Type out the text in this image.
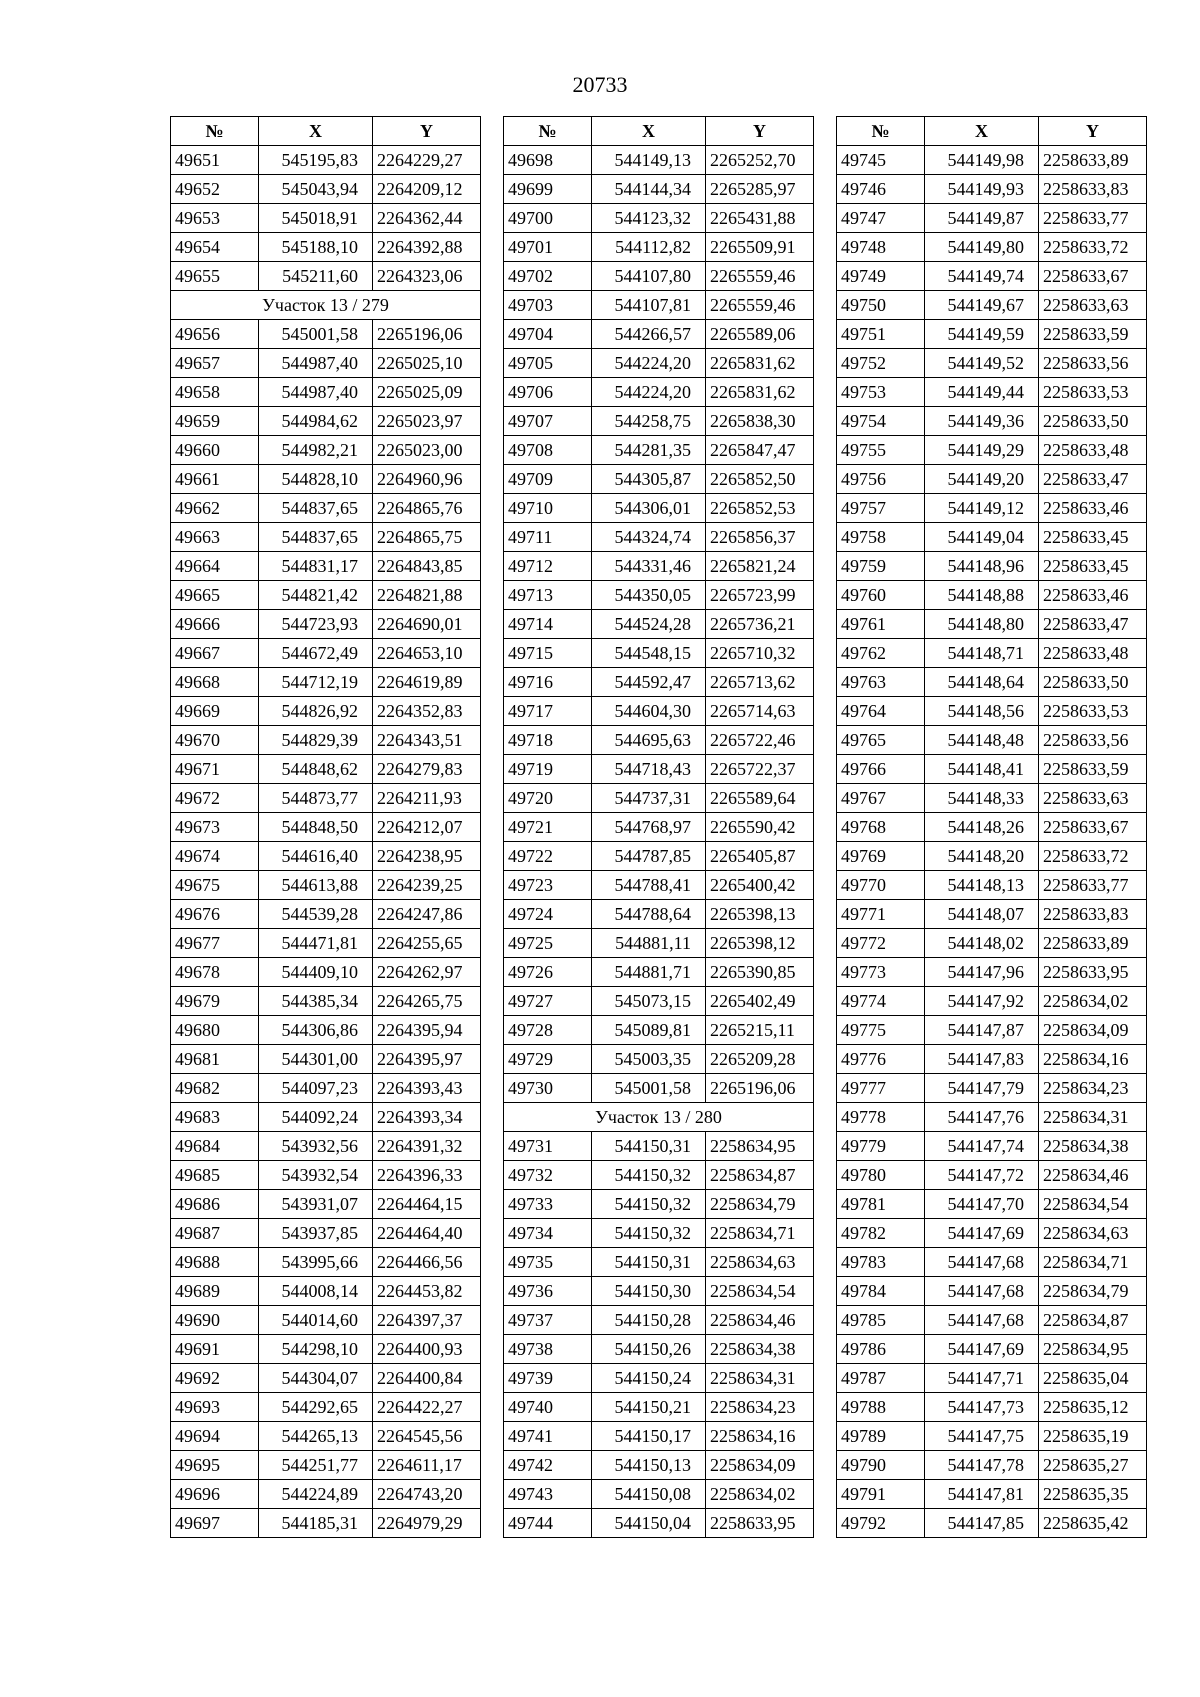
20733
№	X	Y
49651	545195,83	2264229,27
49652	545043,94	2264209,12
49653	545018,91	2264362,44
49654	545188,10	2264392,88
49655	545211,60	2264323,06
Участок 13 / 279		
49656	545001,58	2265196,06
49657	544987,40	2265025,10
49658	544987,40	2265025,09
49659	544984,62	2265023,97
49660	544982,21	2265023,00
49661	544828,10	2264960,96
49662	544837,65	2264865,76
49663	544837,65	2264865,75
49664	544831,17	2264843,85
49665	544821,42	2264821,88
49666	544723,93	2264690,01
49667	544672,49	2264653,10
49668	544712,19	2264619,89
49669	544826,92	2264352,83
49670	544829,39	2264343,51
49671	544848,62	2264279,83
49672	544873,77	2264211,93
49673	544848,50	2264212,07
49674	544616,40	2264238,95
49675	544613,88	2264239,25
49676	544539,28	2264247,86
49677	544471,81	2264255,65
49678	544409,10	2264262,97
49679	544385,34	2264265,75
49680	544306,86	2264395,94
49681	544301,00	2264395,97
49682	544097,23	2264393,43
49683	544092,24	2264393,34
49684	543932,56	2264391,32
49685	543932,54	2264396,33
49686	543931,07	2264464,15
49687	543937,85	2264464,40
49688	543995,66	2264466,56
49689	544008,14	2264453,82
49690	544014,60	2264397,37
49691	544298,10	2264400,93
49692	544304,07	2264400,84
49693	544292,65	2264422,27
49694	544265,13	2264545,56
49695	544251,77	2264611,17
49696	544224,89	2264743,20
49697	544185,31	2264979,29
№	X	Y
49698	544149,13	2265252,70
49699	544144,34	2265285,97
49700	544123,32	2265431,88
49701	544112,82	2265509,91
49702	544107,80	2265559,46
49703	544107,81	2265559,46
49704	544266,57	2265589,06
49705	544224,20	2265831,62
49706	544224,20	2265831,62
49707	544258,75	2265838,30
49708	544281,35	2265847,47
49709	544305,87	2265852,50
49710	544306,01	2265852,53
49711	544324,74	2265856,37
49712	544331,46	2265821,24
49713	544350,05	2265723,99
49714	544524,28	2265736,21
49715	544548,15	2265710,32
49716	544592,47	2265713,62
49717	544604,30	2265714,63
49718	544695,63	2265722,46
49719	544718,43	2265722,37
49720	544737,31	2265589,64
49721	544768,97	2265590,42
49722	544787,85	2265405,87
49723	544788,41	2265400,42
49724	544788,64	2265398,13
49725	544881,11	2265398,12
49726	544881,71	2265390,85
49727	545073,15	2265402,49
49728	545089,81	2265215,11
49729	545003,35	2265209,28
49730	545001,58	2265196,06
Участок 13 / 280		
49731	544150,31	2258634,95
49732	544150,32	2258634,87
49733	544150,32	2258634,79
49734	544150,32	2258634,71
49735	544150,31	2258634,63
49736	544150,30	2258634,54
49737	544150,28	2258634,46
49738	544150,26	2258634,38
49739	544150,24	2258634,31
49740	544150,21	2258634,23
49741	544150,17	2258634,16
49742	544150,13	2258634,09
49743	544150,08	2258634,02
49744	544150,04	2258633,95
№	X	Y
49745	544149,98	2258633,89
49746	544149,93	2258633,83
49747	544149,87	2258633,77
49748	544149,80	2258633,72
49749	544149,74	2258633,67
49750	544149,67	2258633,63
49751	544149,59	2258633,59
49752	544149,52	2258633,56
49753	544149,44	2258633,53
49754	544149,36	2258633,50
49755	544149,29	2258633,48
49756	544149,20	2258633,47
49757	544149,12	2258633,46
49758	544149,04	2258633,45
49759	544148,96	2258633,45
49760	544148,88	2258633,46
49761	544148,80	2258633,47
49762	544148,71	2258633,48
49763	544148,64	2258633,50
49764	544148,56	2258633,53
49765	544148,48	2258633,56
49766	544148,41	2258633,59
49767	544148,33	2258633,63
49768	544148,26	2258633,67
49769	544148,20	2258633,72
49770	544148,13	2258633,77
49771	544148,07	2258633,83
49772	544148,02	2258633,89
49773	544147,96	2258633,95
49774	544147,92	2258634,02
49775	544147,87	2258634,09
49776	544147,83	2258634,16
49777	544147,79	2258634,23
49778	544147,76	2258634,31
49779	544147,74	2258634,38
49780	544147,72	2258634,46
49781	544147,70	2258634,54
49782	544147,69	2258634,63
49783	544147,68	2258634,71
49784	544147,68	2258634,79
49785	544147,68	2258634,87
49786	544147,69	2258634,95
49787	544147,71	2258635,04
49788	544147,73	2258635,12
49789	544147,75	2258635,19
49790	544147,78	2258635,27
49791	544147,81	2258635,35
49792	544147,85	2258635,42
